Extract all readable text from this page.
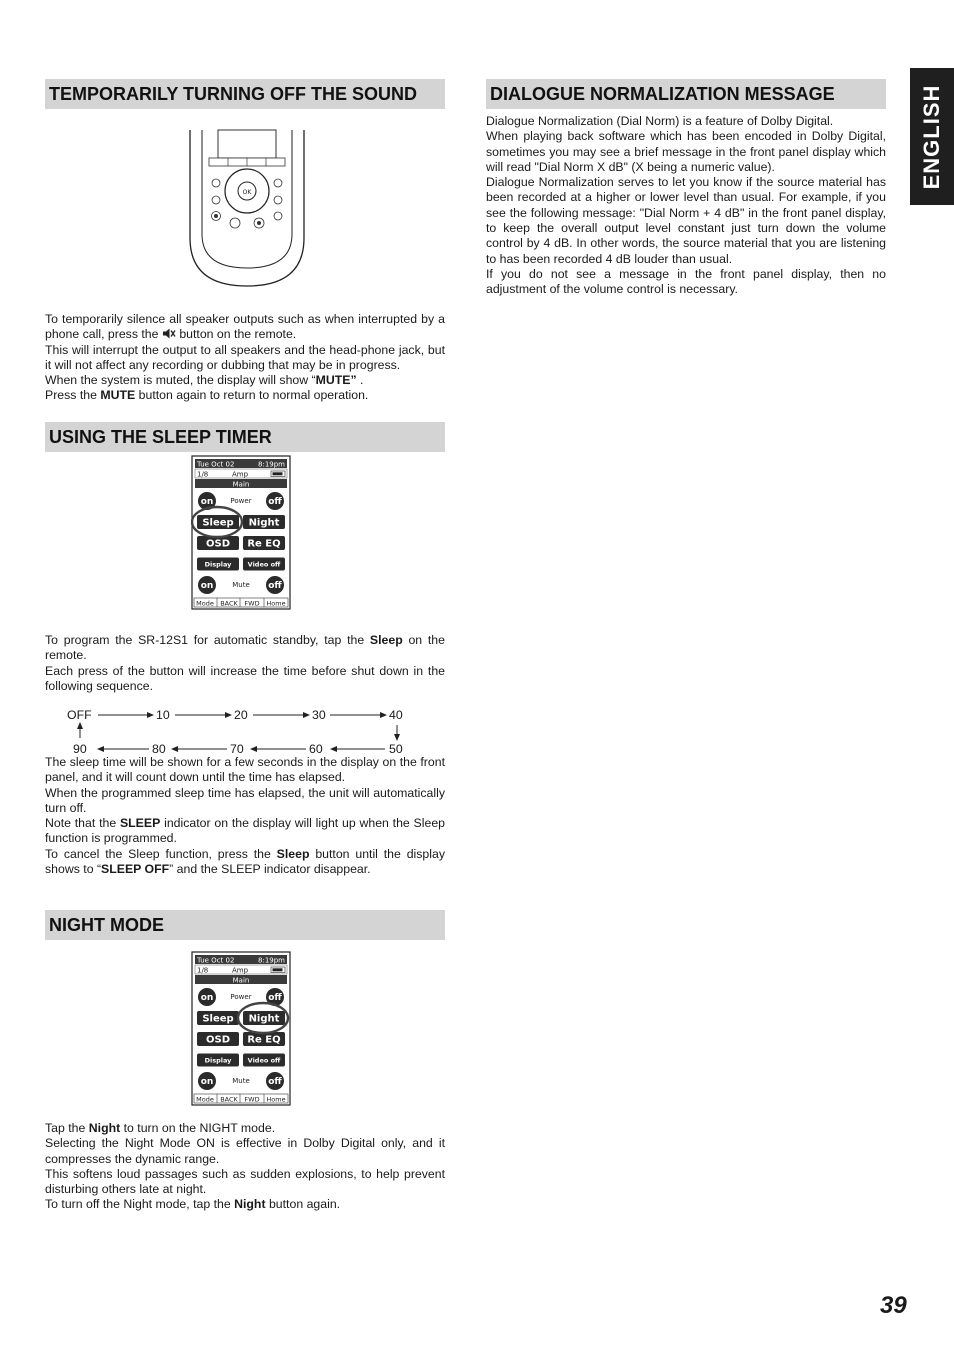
ENGLISH
TEMPORARILY TURNING OFF THE SOUND
OK

To temporarily silence all speaker outputs such as when interrupted by a phone call, press the button on the remote.

This will interrupt the output to all speakers and the head-phone jack, but it will not affect any recording or dubbing that may be in progress.

When the system is muted, the display will show “MUTE” .

Press the MUTE button again to return to normal operation.

USING THE SLEEP TIMER
Tue Oct 02	8:19pm
1/8	Amp
Main
on Power off
Sleep Night
OSD Re EQ
Display	Video off
on	Mute off
Mode BACK FWD Home

To program the SR-12S1 for automatic standby, tap the Sleep on the remote.

Each press of the button will increase the time before shut down in the following sequence.

OFF	10	20	30	40
90	80	70	60	50

The sleep time will be shown for a few seconds in the display on the front panel, and it will count down until the time has elapsed.

When the programmed sleep time has elapsed, the unit will automatically turn off.

Note that the SLEEP indicator on the display will light up when the Sleep function is programmed.

To cancel the Sleep function, press the Sleep button until the display shows to “SLEEP OFF” and the SLEEP indicator disappear.

NIGHT MODE
Tue Oct 02	8:19pm
1/8	Amp
Main
on Power off
Sleep Night
OSD Re EQ
Display	Video off
on	Mute off
Mode BACK FWD Home

Tap the Night to turn on the NIGHT mode.

Selecting the Night Mode ON is effective in Dolby Digital only, and it compresses the dynamic range.

This softens loud passages such as sudden explosions, to help prevent disturbing others late at night.

To turn off the Night mode, tap the Night button again.

DIALOGUE NORMALIZATION MESSAGE

Dialogue Normalization (Dial Norm) is a feature of Dolby Digital.

When playing back software which has been encoded in Dolby Digital, sometimes you may see a brief message in the front panel display which will read "Dial Norm X dB" (X being a numeric value).

Dialogue Normalization serves to let you know if the source material has been recorded at a higher or lower level than usual. For example, if you see the following message: "Dial Norm + 4 dB" in the front panel display, to keep the overall output level constant just turn down the volume control by 4 dB. In other words, the source material that you are listening to has been recorded 4 dB louder than usual.

If you do not see a message in the front panel display, then no adjustment of the volume control is necessary.

39
